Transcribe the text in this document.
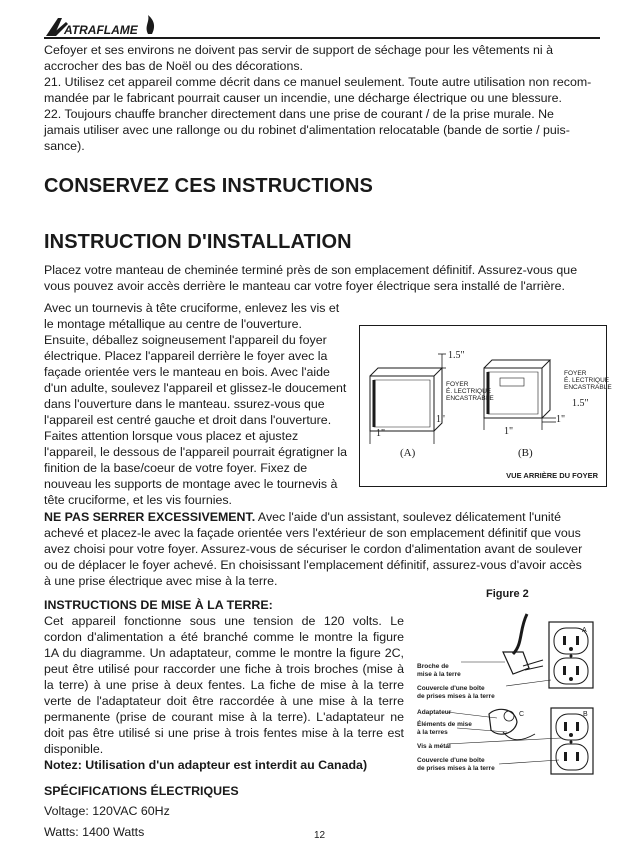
ATRAFLAME

Cefoyer et ses environs ne doivent pas servir de support de séchage pour les vêtements ni à

accrocher des bas de Noël ou des décorations.

21. Utilisez cet appareil comme décrit dans ce manuel seulement. Toute autre utilisation non recom-

mandée par le fabricant pourrait causer un incendie, une décharge électrique ou une blessure.

22. Toujours chauffe brancher directement dans une prise de courant / de la prise murale. Ne

jamais utiliser avec une rallonge ou du robinet d'alimentation relocatable (bande de sortie / puis-

sance).

CONSERVEZ CES INSTRUCTIONS
INSTRUCTION D'INSTALLATION

Placez votre manteau de cheminée terminé près de son emplacement définitif. Assurez-vous que

vous pouvez avoir accès derrière le manteau car votre foyer électrique sera installé de l'arrière.

Avec un tournevis à tête cruciforme, enlevez les vis et

le montage métallique au centre de l'ouverture.

Ensuite, déballez soigneusement l'appareil du foyer

électrique. Placez l'appareil derrière le foyer avec la

façade orientée vers le manteau en bois. Avec l'aide

d'un adulte, soulevez l'appareil et glissez-le doucement

dans l'ouverture dans le manteau. ssurez-vous que

l'appareil est centré gauche et droit dans l'ouverture.

Faites attention lorsque vous placez et ajustez

l'appareil, le dessous de l'appareil pourrait égratigner la

finition de la base/coeur de votre foyer. Fixez de

nouveau les supports de montage avec le tournevis à

tête cruciforme, et les vis fournies.

1.5"
FOYER
É. LECTRIQUE
ENCASTRABLE
1"
1"
(A)
FOYER
É. LECTRIQUE
ENCASTRABLE
1.5"
1"
1"
(B)
VUE ARRIÈRE DU FOYER

NE PAS SERRER EXCESSIVEMENT. Avec l'aide d'un assistant, soulevez délicatement l'unité

achevé et placez-le avec la façade orientée vers l'extérieur de son emplacement définitif que vous

avez choisi pour votre foyer. Assurez-vous de sécuriser le cordon d'alimentation avant de soulever

ou de déplacer le foyer achevé. En choisissant l'emplacement définitif, assurez-vous d'avoir accès

à une prise électrique avec mise à la terre.

INSTRUCTIONS DE MISE À LA TERRE:

Cet appareil fonctionne sous une tension de 120 volts. Le

cordon d'alimentation a été branché comme le montre la figure

1A du diagramme. Un adaptateur, comme le montre la figure 2C,

peut être utilisé pour raccorder une fiche à trois broches (mise à

la terre) à une prise à deux fentes. La fiche de mise à la terre

verte de l'adaptateur doit être raccordée à une mise à la terre

permanente (prise de courant mise à la terre). L'adaptateur ne

doit pas être utilisé si une prise à trois fentes mise à la terre est

disponible.

Notez: Utilisation d'un adapteur est interdit au Canada)

Figure 2
A
Broche de
mise à la terre
Couvercle d'une boîte
de prises mises à la terre
B
C
Adaptateur
Éléments de mise
à la terres
Vis à métal
Couvercle d'une boîte
de prises mises à la terre
SPÉCIFICATIONS ÉLECTRIQUES

Voltage: 120VAC 60Hz

Watts: 1400 Watts	12
